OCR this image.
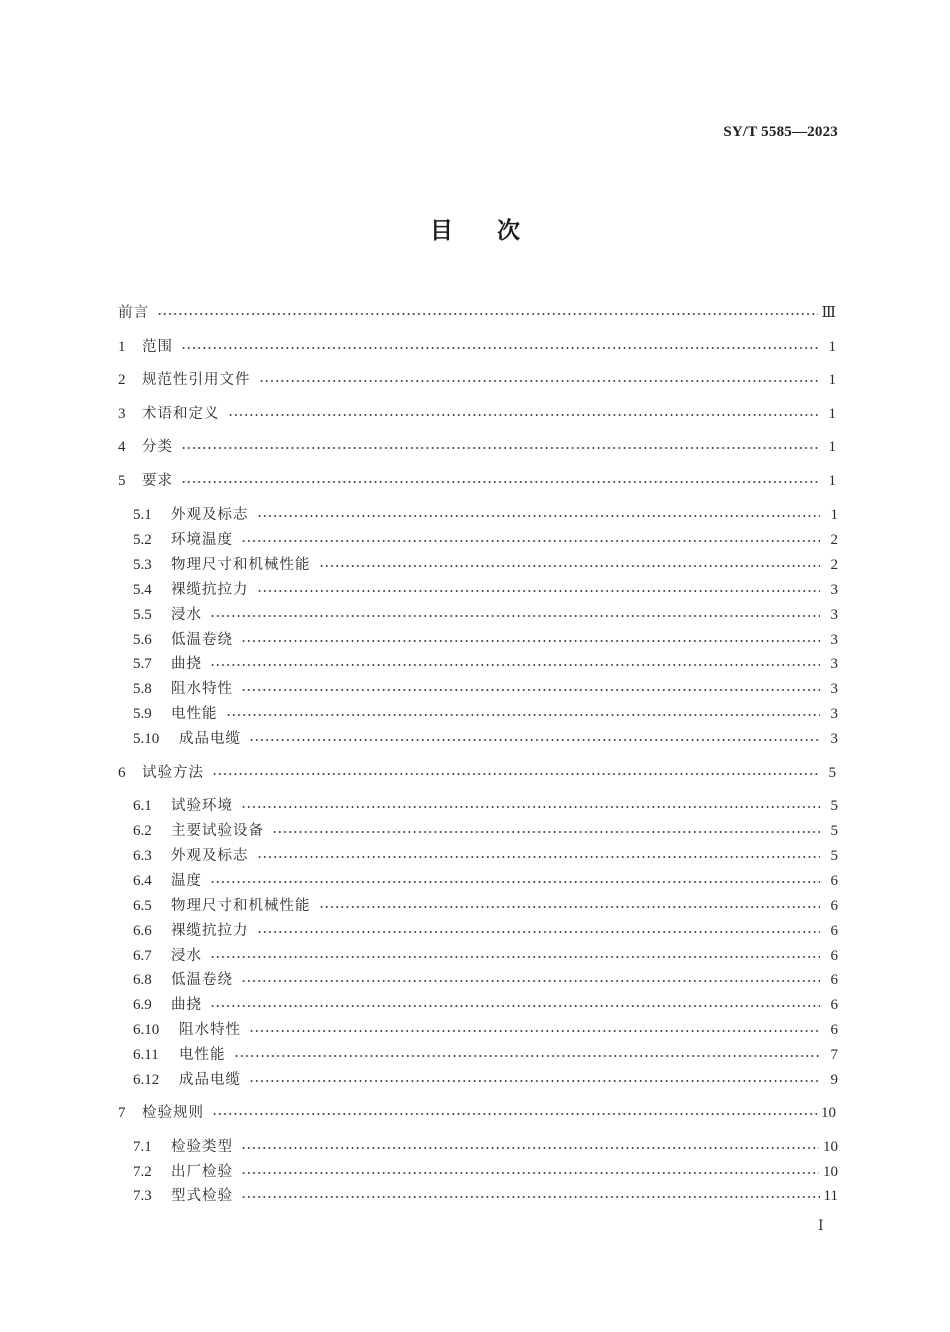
SY/T 5585—2023
目次
前言	Ⅲ
1	范围	1
2	规范性引用文件	1
3	术语和定义	1
4	分类	1
5	要求	1
5.1	外观及标志	1
5.2	环境温度	2
5.3	物理尺寸和机械性能	2
5.4	裸缆抗拉力	3
5.5	浸水	3
5.6	低温卷绕	3
5.7	曲挠	3
5.8	阻水特性	3
5.9	电性能	3
5.10	成品电缆	3
6	试验方法	5
6.1	试验环境	5
6.2	主要试验设备	5
6.3	外观及标志	5
6.4	温度	6
6.5	物理尺寸和机械性能	6
6.6	裸缆抗拉力	6
6.7	浸水	6
6.8	低温卷绕	6
6.9	曲挠	6
6.10	阻水特性	6
6.11	电性能	7
6.12	成品电缆	9
7	检验规则	10
7.1	检验类型	10
7.2	出厂检验	10
7.3	型式检验	11
Ⅰ
